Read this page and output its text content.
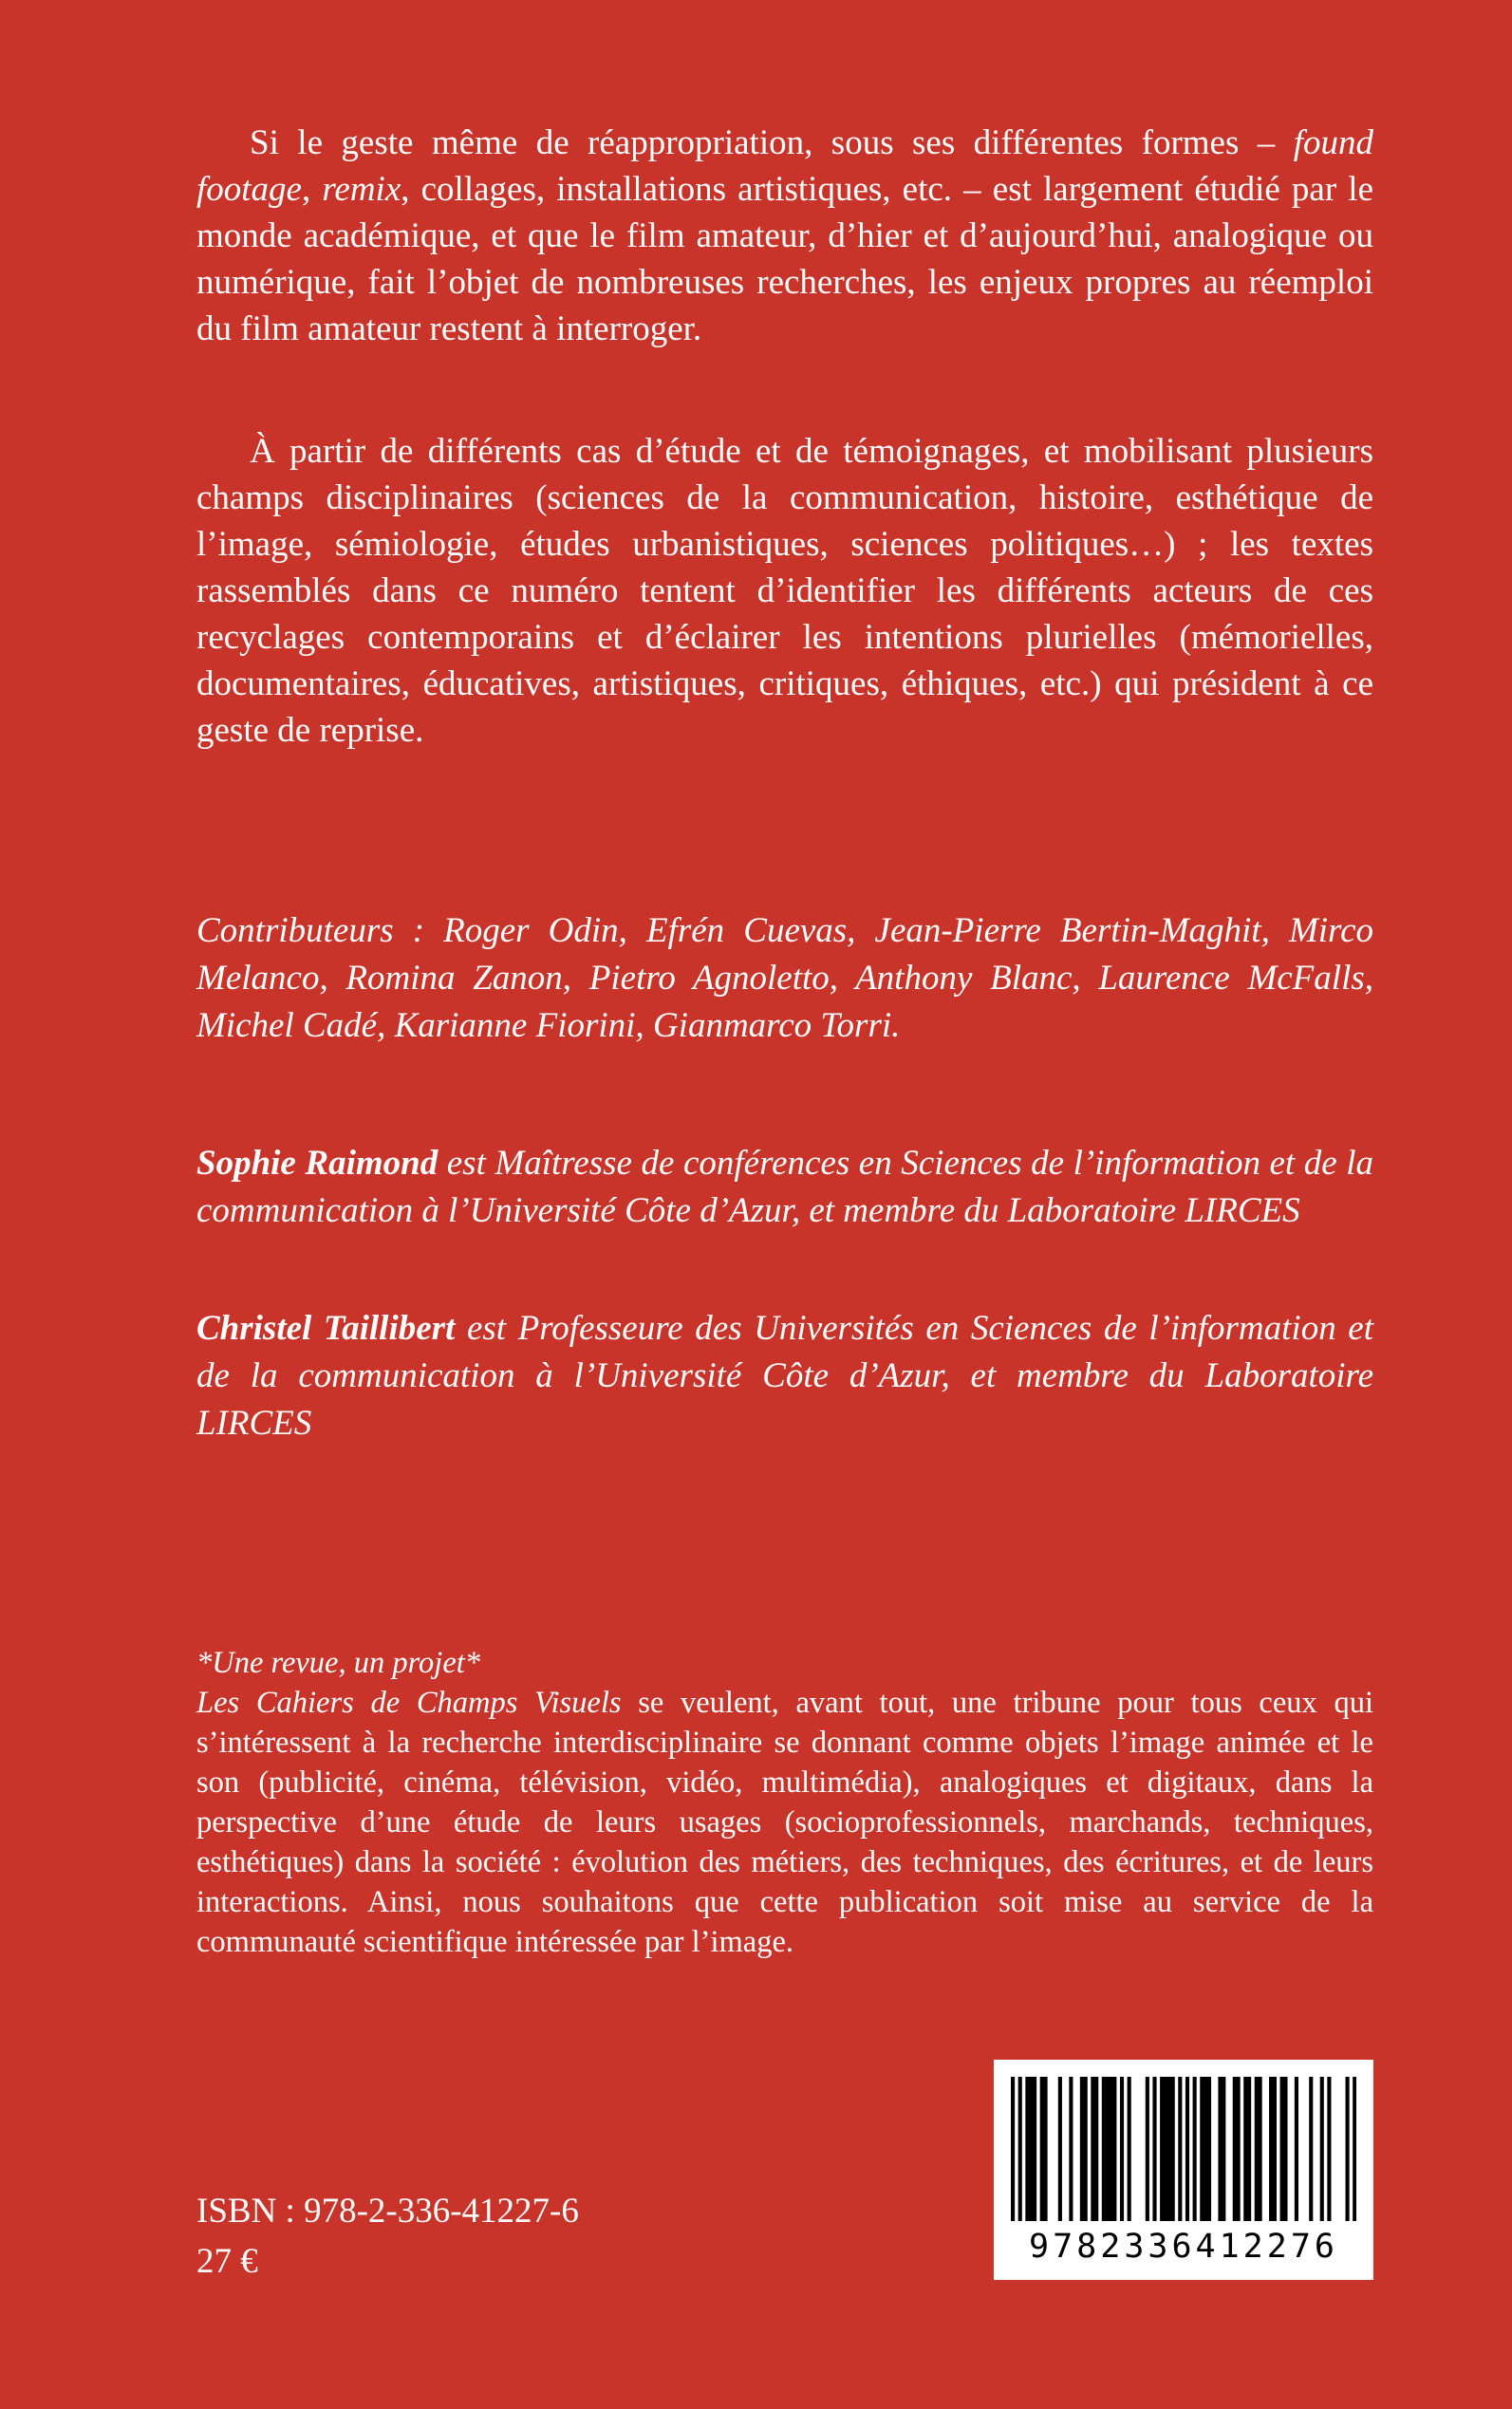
Si le geste même de réappropriation, sous ses différentes formes – found footage, remix, collages, installations artistiques, etc. – est largement étudié par le monde académique, et que le film amateur, d’hier et d’aujourd’hui, analogique ou numérique, fait l’objet de nombreuses recherches, les enjeux propres au réemploi du film amateur restent à interroger.

À partir de différents cas d’étude et de témoignages, et mobilisant plusieurs champs disciplinaires (sciences de la communication, histoire, esthétique de l’image, sémiologie, études urbanistiques, sciences politiques…) ; les textes rassemblés dans ce numéro tentent d’identifier les différents acteurs de ces recyclages contemporains et d’éclairer les intentions plurielles (mémorielles, documentaires, éducatives, artistiques, critiques, éthiques, etc.) qui président à ce geste de reprise.

Contributeurs : Roger Odin, Efrén Cuevas, Jean-Pierre Bertin-Maghit, Mirco Melanco, Romina Zanon, Pietro Agnoletto, Anthony Blanc, Laurence McFalls, Michel Cadé, Karianne Fiorini, Gianmarco Torri.

Sophie Raimond est Maîtresse de conférences en Sciences de l’information et de la communication à l’Université Côte d’Azur, et membre du Laboratoire LIRCES

Christel Taillibert est Professeure des Universités en Sciences de l’information et de la communication à l’Université Côte d’Azur, et membre du Laboratoire LIRCES

*Une revue, un projet*

Les Cahiers de Champs Visuels se veulent, avant tout, une tribune pour tous ceux qui s’intéressent à la recherche interdisciplinaire se donnant comme objets l’image animée et le son (publicité, cinéma, télévision, vidéo, multimédia), analogiques et digitaux, dans la perspective d’une étude de leurs usages (socioprofessionnels, marchands, techniques, esthétiques) dans la société : évolution des métiers, des techniques, des écritures, et de leurs interactions. Ainsi, nous souhaitons que cette publication soit mise au service de la communauté scientifique intéressée par l’image.

ISBN : 978-2-336-41227-6
27 €	9782336412276
